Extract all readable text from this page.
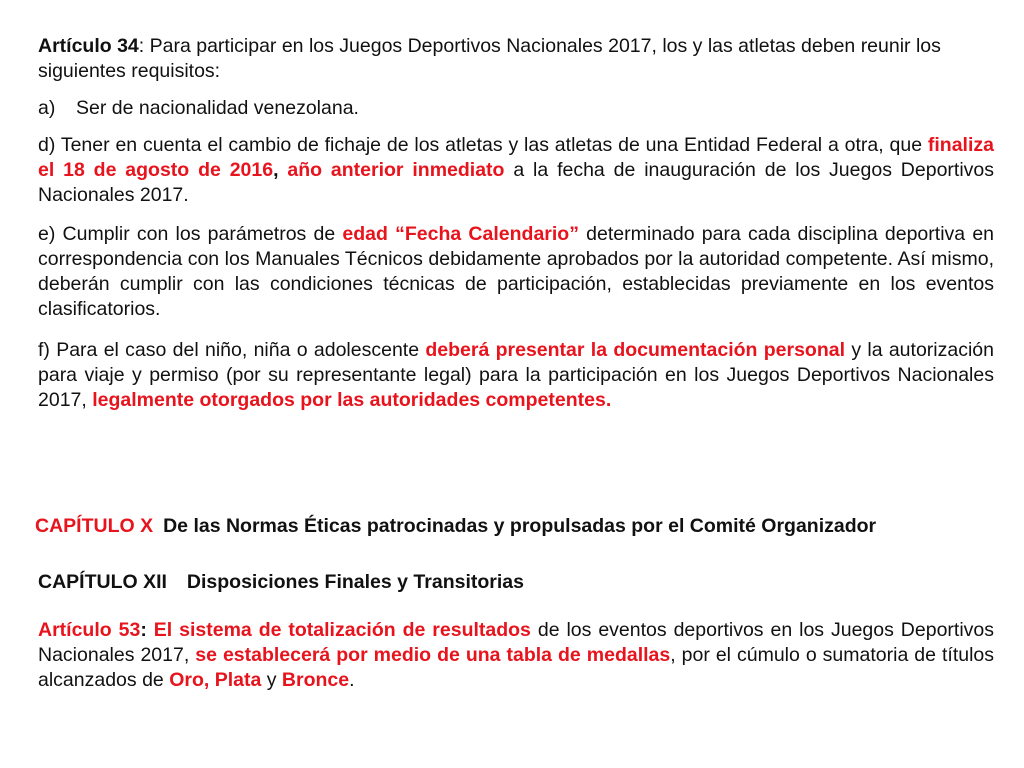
Artículo 34: Para participar en los Juegos Deportivos Nacionales 2017, los y las atletas deben reunir los siguientes requisitos:

a) Ser de nacionalidad venezolana.

d) Tener en cuenta el cambio de fichaje de los atletas y las atletas de una Entidad Federal a otra, que finaliza el 18 de agosto de 2016, año anterior inmediato a la fecha de inauguración de los Juegos Deportivos Nacionales 2017.

e) Cumplir con los parámetros de edad “Fecha Calendario” determinado para cada disciplina deportiva en correspondencia con los Manuales Técnicos debidamente aprobados por la autoridad competente. Así mismo, deberán cumplir con las condiciones técnicas de participación, establecidas previamente en los eventos clasificatorios.

f) Para el caso del niño, niña o adolescente deberá presentar la documentación personal y la autorización para viaje y permiso (por su representante legal) para la participación en los Juegos Deportivos Nacionales 2017, legalmente otorgados por las autoridades competentes.

CAPÍTULO X De las Normas Éticas patrocinadas y propulsadas por el Comité Organizador
CAPÍTULO XII Disposiciones Finales y Transitorias

Artículo 53: El sistema de totalización de resultados de los eventos deportivos en los Juegos Deportivos Nacionales 2017, se establecerá por medio de una tabla de medallas, por el cúmulo o sumatoria de títulos alcanzados de Oro, Plata y Bronce.
